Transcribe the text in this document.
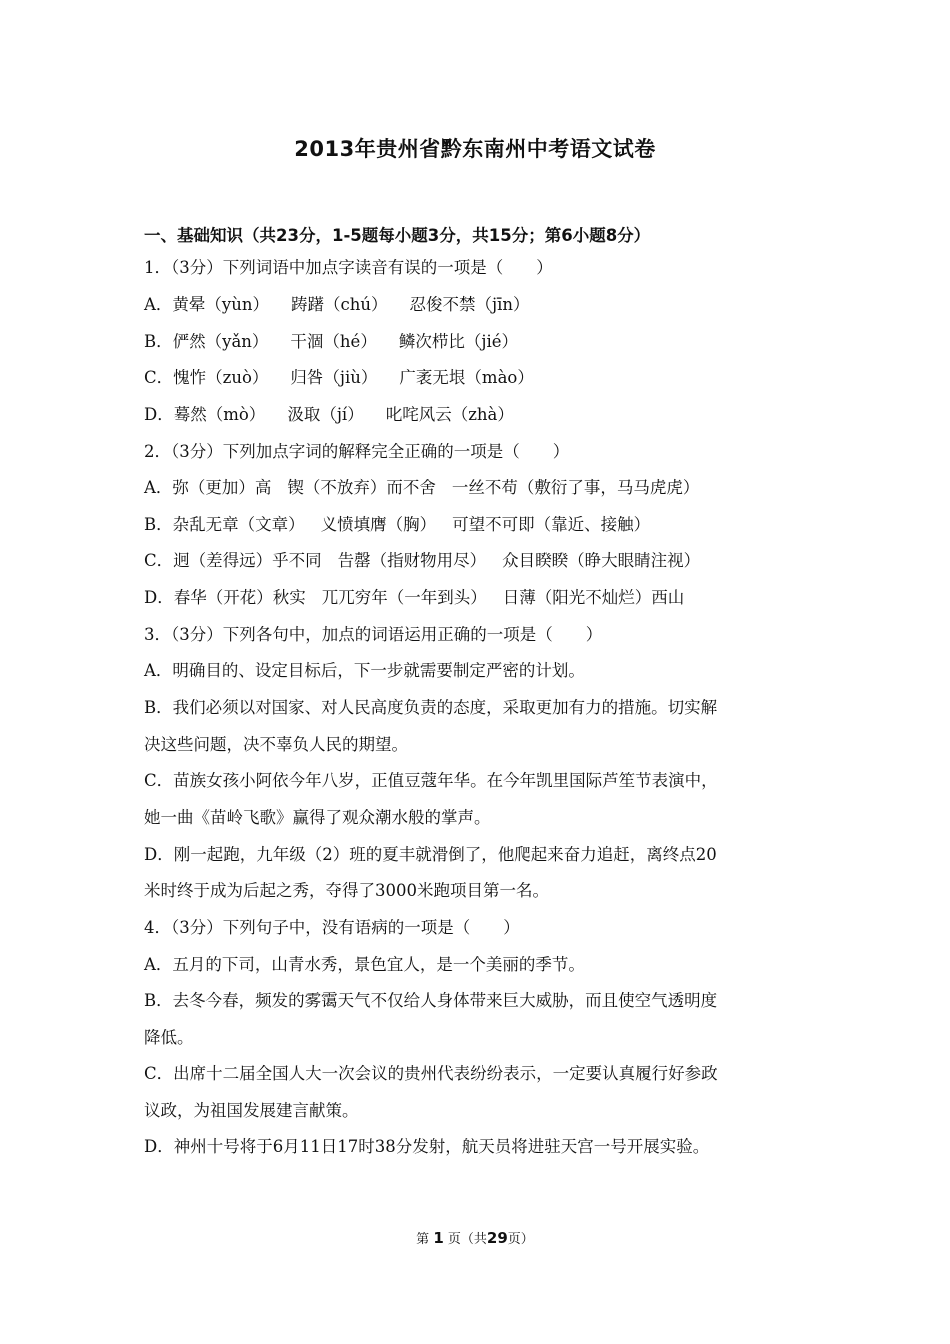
2013年贵州省黔东南州中考语文试卷
一、基础知识（共23分，1-5题每小题3分，共15分；第6小题8分）
1．（3分）下列词语中加点字读音有误的一项是（　　）
A．黄晕（yùn） 踌躇（chú） 忍俊不禁（jīn）
B．俨然（yǎn） 干涸（hé） 鳞次栉比（jié）
C．愧怍（zuò） 归咎（jiù） 广袤无垠（mào）
D．蓦然（mò） 汲取（jí） 叱咤风云（zhà）
2．（3分）下列加点字词的解释完全正确的一项是（　　）
A．弥（更加）高 锲（不放弃）而不舍 一丝不苟（敷衍了事，马马虎虎）
B．杂乱无章（文章） 义愤填膺（胸） 可望不可即（靠近、接触）
C．迥（差得远）乎不同 告罄（指财物用尽） 众目睽睽（睁大眼睛注视）
D．春华（开花）秋实 兀兀穷年（一年到头） 日薄（阳光不灿烂）西山
3．（3分）下列各句中，加点的词语运用正确的一项是（　　）
A．明确目的、设定目标后，下一步就需要制定严密的计划。
B．我们必须以对国家、对人民高度负责的态度，采取更加有力的措施。切实解
决这些问题，决不辜负人民的期望。
C．苗族女孩小阿依今年八岁，正值豆蔻年华。在今年凯里国际芦笙节表演中，
她一曲《苗岭飞歌》赢得了观众潮水般的掌声。
D．刚一起跑，九年级（2）班的夏丰就滑倒了，他爬起来奋力追赶，离终点20
米时终于成为后起之秀，夺得了3000米跑项目第一名。
4．（3分）下列句子中，没有语病的一项是（　　）
A．五月的下司，山青水秀，景色宜人，是一个美丽的季节。
B．去冬今春，频发的雾霭天气不仅给人身体带来巨大威胁，而且使空气透明度
降低。
C．出席十二届全国人大一次会议的贵州代表纷纷表示，一定要认真履行好参政
议政，为祖国发展建言献策。
D．神州十号将于6月11日17时38分发射，航天员将进驻天宫一号开展实验。
第 1 页（共29页）
